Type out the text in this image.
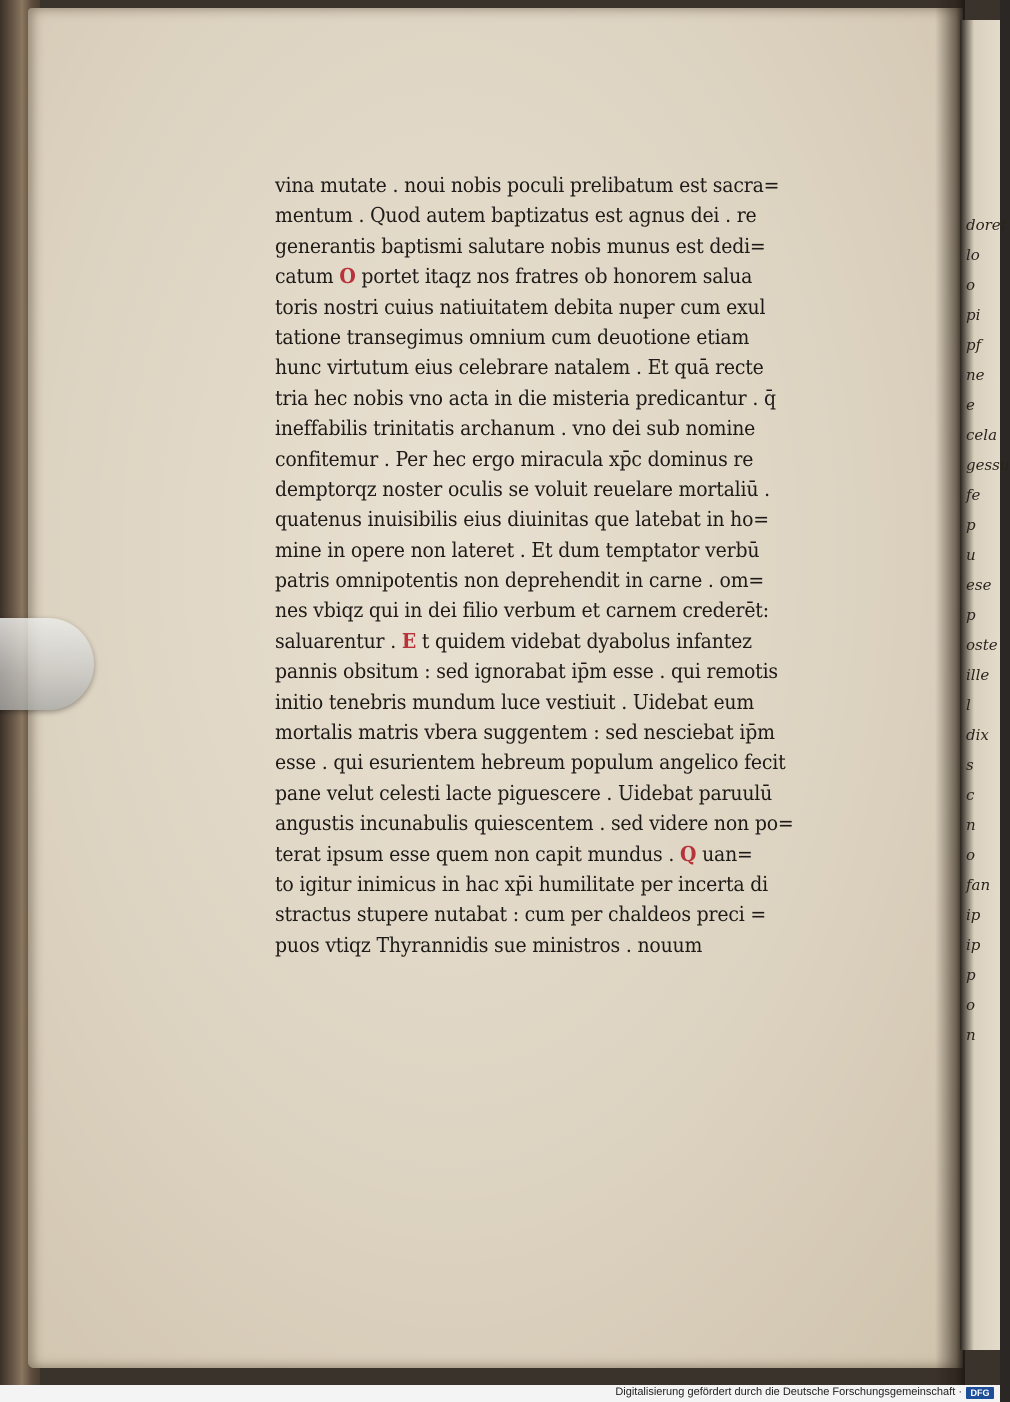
doret
lo
o
pi
pf
ne
e
cela
gessu
fe
p
u
ese
p
oste
ille
l
dix
s
c
n
o
fan
ip
ip
p
o
n
vina mutate . noui nobis poculi prelibatum est sacra=
mentum . Quod autem baptizatus est agnus dei . re
generantis baptismi salutare nobis munus est dedi=
catum O portet itaqz nos fratres ob honorem salua
toris nostri cuius natiuitatem debita nuper cum exul
tatione transegimus omnium cum deuotione etiam
hunc virtutum eius celebrare natalem . Et quā recte
tria hec nobis vno acta in die misteria predicantur . q̄
ineffabilis trinitatis archanum . vno dei sub nomine
confitemur . Per hec ergo miracula xp̄c dominus re
demptorqz noster oculis se voluit reuelare mortaliū .
quatenus inuisibilis eius diuinitas que latebat in ho=
mine in opere non lateret . Et dum temptator verbū
patris omnipotentis non deprehendit in carne . om=
nes vbiqz qui in dei filio verbum et carnem crederēt:
saluarentur . E t quidem videbat dyabolus infantez
pannis obsitum : sed ignorabat ip̄m esse . qui remotis
initio tenebris mundum luce vestiuit . Uidebat eum
mortalis matris vbera suggentem : sed nesciebat ip̄m
esse . qui esurientem hebreum populum angelico fecit
pane velut celesti lacte piguescere . Uidebat paruulū
angustis incunabulis quiescentem . sed videre non po=
terat ipsum esse quem non capit mundus . Q uan=
to igitur inimicus in hac xp̄i humilitate per incerta di
stractus stupere nutabat : cum per chaldeos preci =
puos vtiqz Thyrannidis sue ministros . nouum
Digitalisierung gefördert durch die Deutsche Forschungsgemeinschaft · DFG
